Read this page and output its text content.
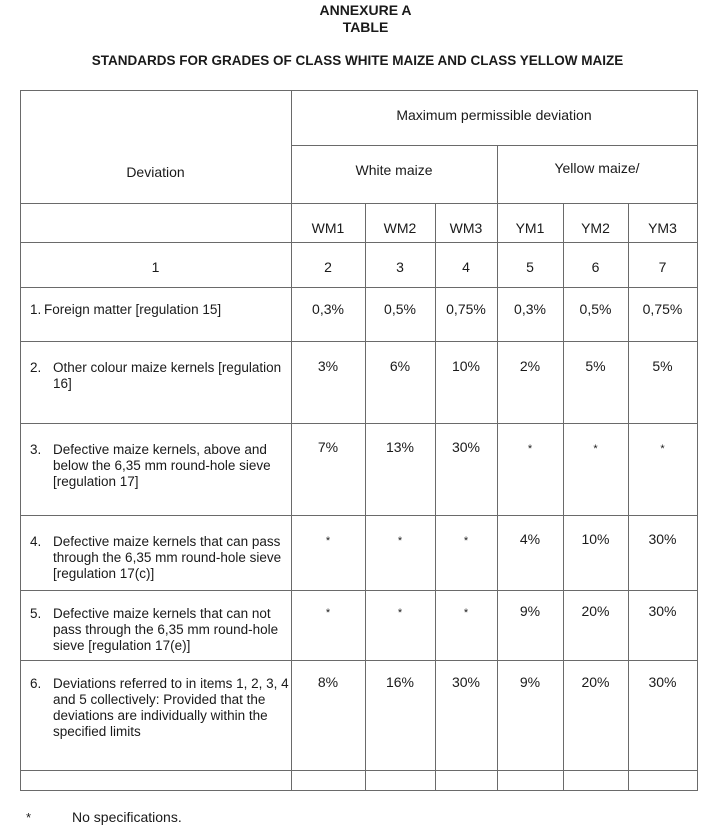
ANNEXURE A
TABLE
STANDARDS FOR GRADES OF CLASS WHITE MAIZE AND CLASS YELLOW MAIZE
Maximum permissible deviation
Deviation	White maize	Yellow maize/
WM1	WM2	WM3	YM1	YM2	YM3
1	2	3	4	5	6	7
1. Foreign matter [regulation 15]	0,3%	0,5%	0,75%	0,3%	0,5%	0,75%
2. Other colour maize kernels [regulation 16]
3%	6%	10%	2%	5%	5%
3. Defective maize kernels, above and below the 6,35 mm round-hole sieve [regulation 17]
7%	13%	30%	*	*	*
4. Defective maize kernels that can pass through the 6,35 mm round-hole sieve [regulation 17(c)]
*	*	*	4%	10%	30%
5. Defective maize kernels that can not pass through the 6,35 mm round-hole sieve [regulation 17(e)]
*	*	*	9%	20%	30%
6. Deviations referred to in items 1, 2, 3, 4 and 5 collectively: Provided that the deviations are individually within the specified limits
8%	16%	30%	9%	20%	30%
*	No specifications.
